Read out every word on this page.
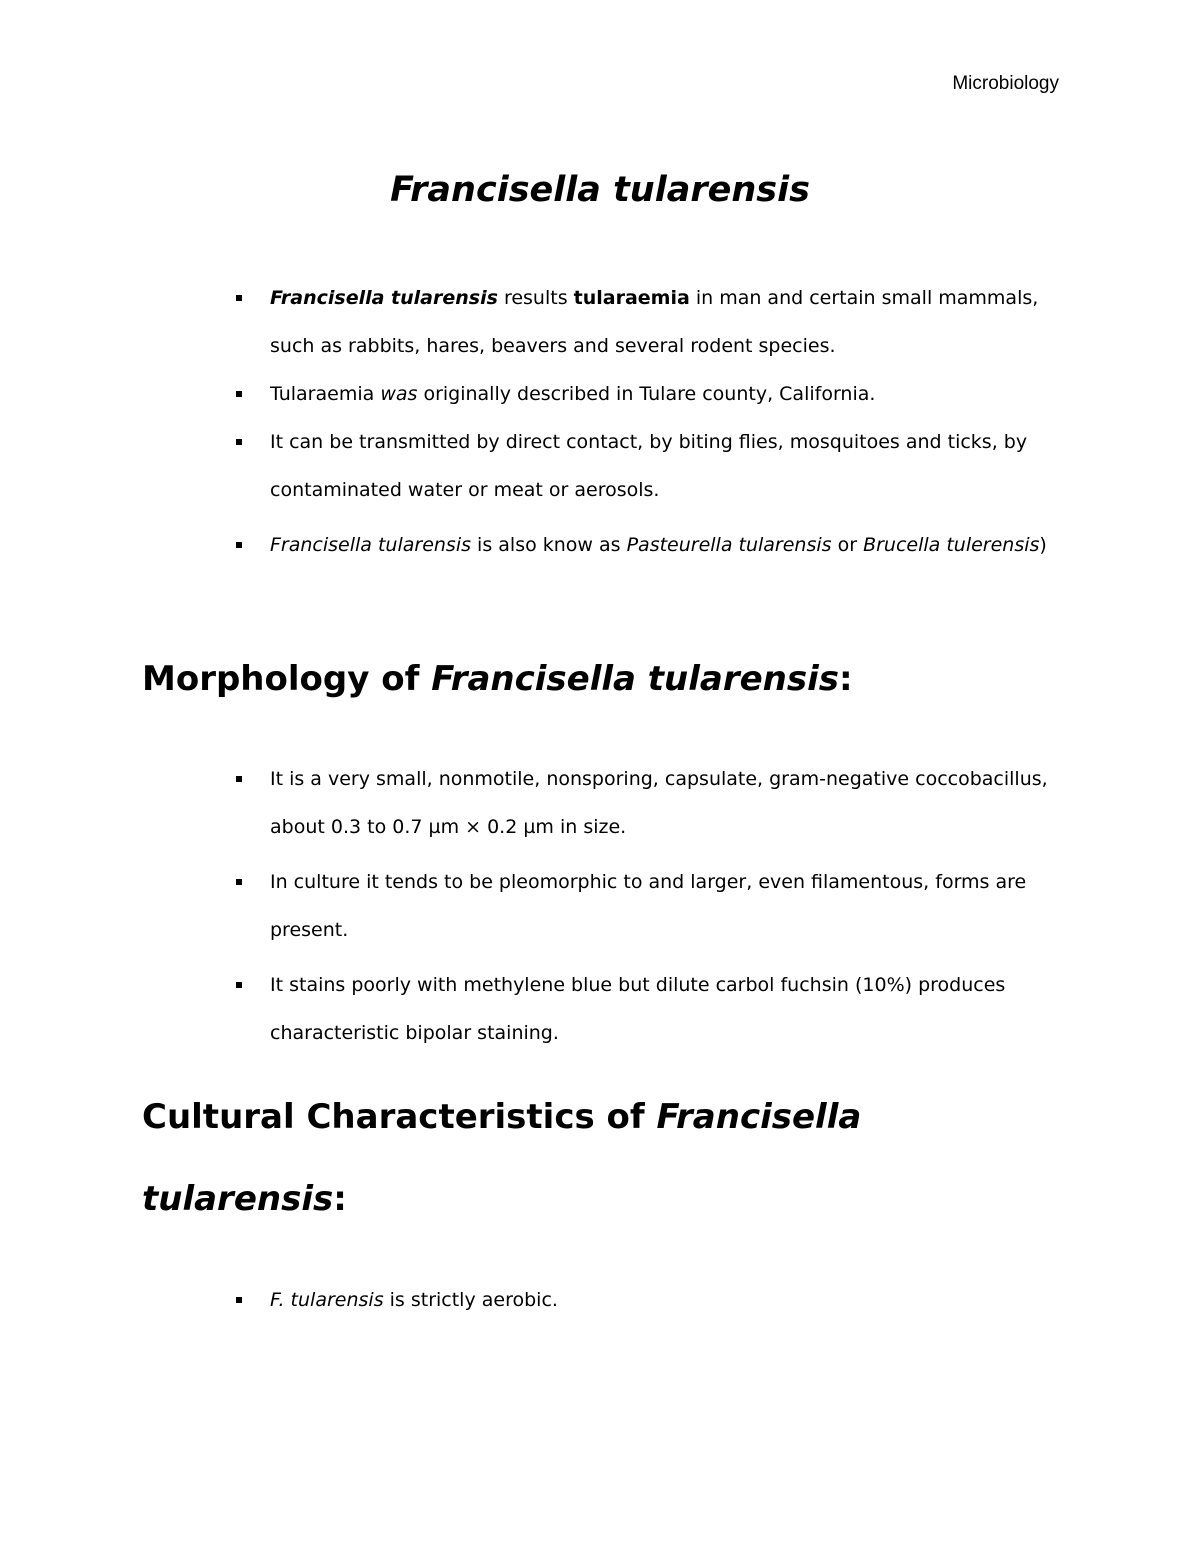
Microbiology
Francisella tularensis
Francisella tularensis results tularaemia in man and certain small mammals, such as rabbits, hares, beavers and several rodent species.
Tularaemia was originally described in Tulare county, California.
It can be transmitted by direct contact, by biting flies, mosquitoes and ticks, by contaminated water or meat or aerosols.
Francisella tularensis is also know as Pasteurella tularensis or Brucella tulerensis)
Morphology of Francisella tularensis:
It is a very small, nonmotile, nonsporing, capsulate, gram-negative coccobacillus, about 0.3 to 0.7 µm × 0.2 µm in size.
In culture it tends to be pleomorphic to and larger, even filamentous, forms are present.
It stains poorly with methylene blue but dilute carbol fuchsin (10%) produces characteristic bipolar staining.
Cultural Characteristics of Francisella tularensis:
F. tularensis is strictly aerobic.
